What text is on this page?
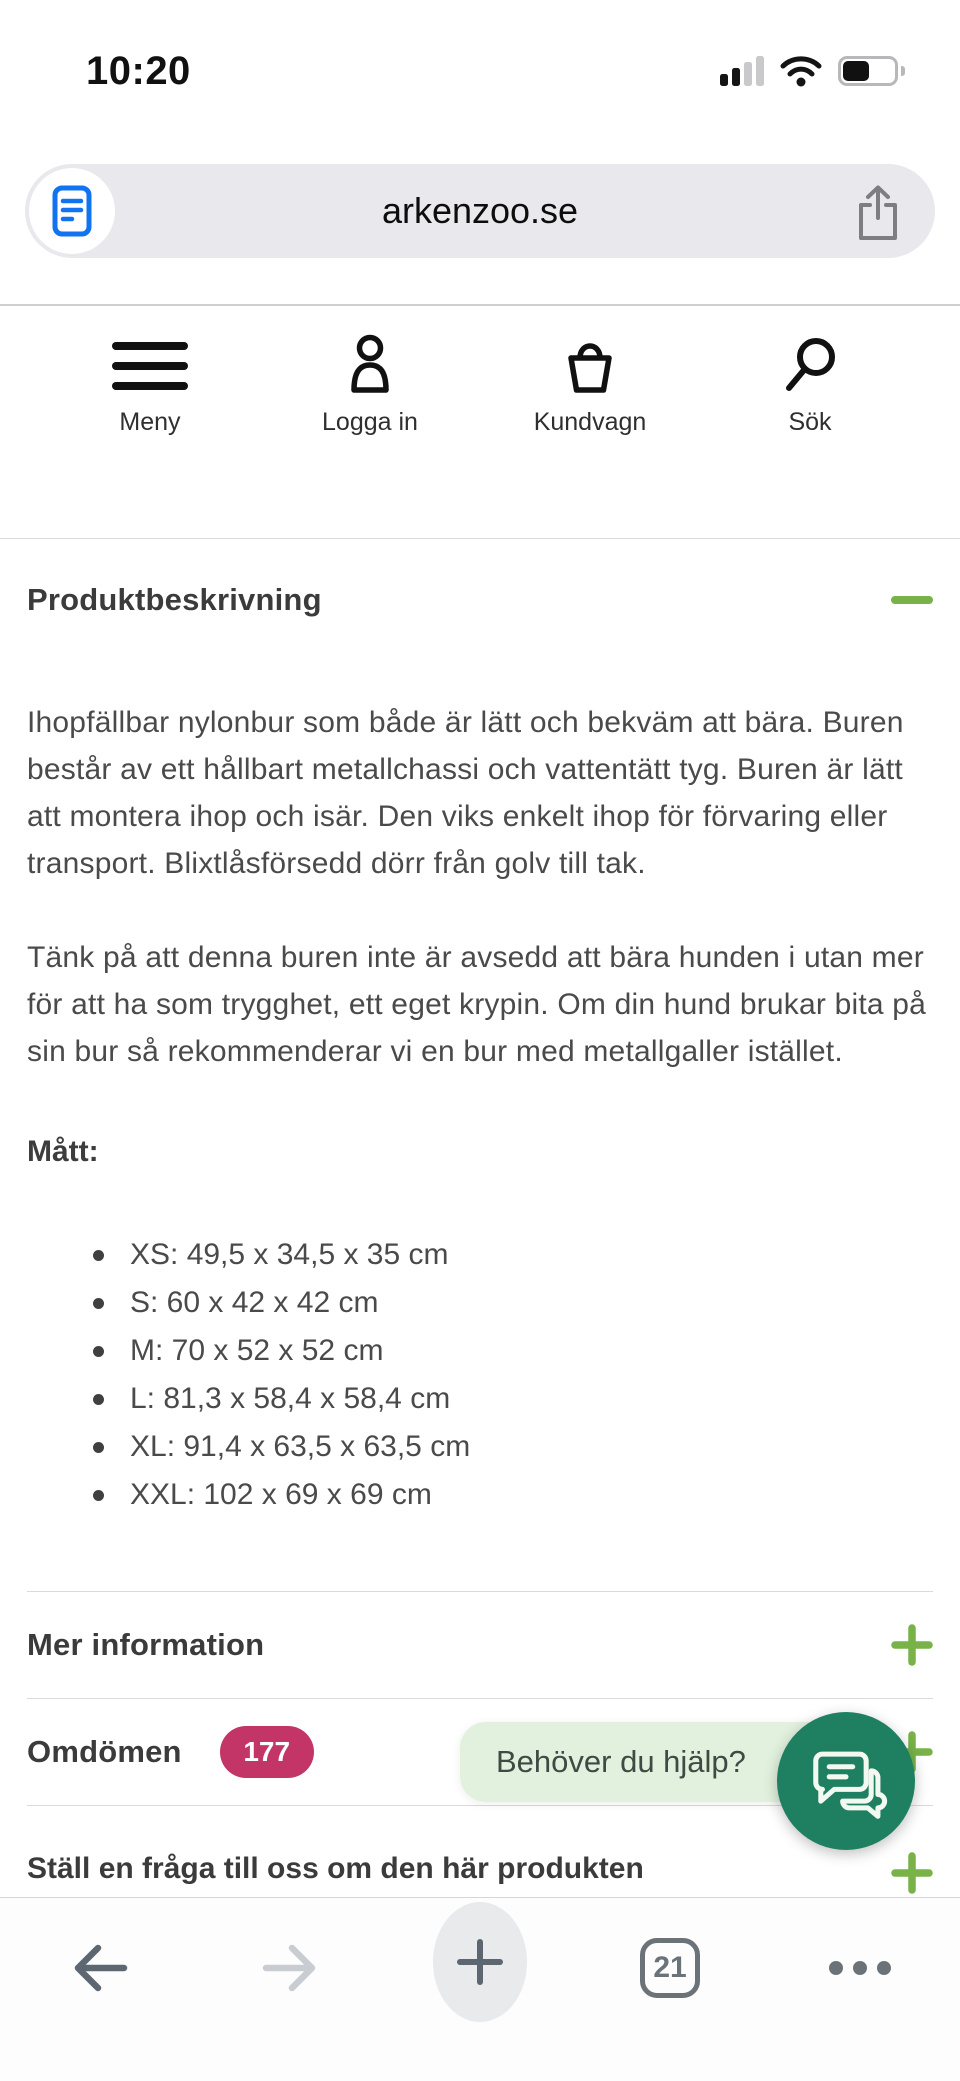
10:20
arkenzoo.se
Meny	Logga in	Kundvagn	Sök
Produktbeskrivning

Ihopfällbar nylonbur som både är lätt och bekväm att bära. Buren består av ett hållbart metallchassi och vattentätt tyg. Buren är lätt att montera ihop och isär. Den viks enkelt ihop för förvaring eller transport. Blixtlåsförsedd dörr från golv till tak.

Tänk på att denna buren inte är avsedd att bära hunden i utan mer för att ha som trygghet, ett eget krypin. Om din hund brukar bita på sin bur så rekommenderar vi en bur med metallgaller istället.

Mått:
XS: 49,5 x 34,5 x 35 cm
S: 60 x 42 x 42 cm
M: 70 x 52 x 52 cm
L: 81,3 x 58,4 x 58,4 cm
XL: 91,4 x 63,5 x 63,5 cm
XXL: 102 x 69 x 69 cm
Mer information
Omdömen	177
Ställ en fråga till oss om den här produkten
Behöver du hjälp?
21
